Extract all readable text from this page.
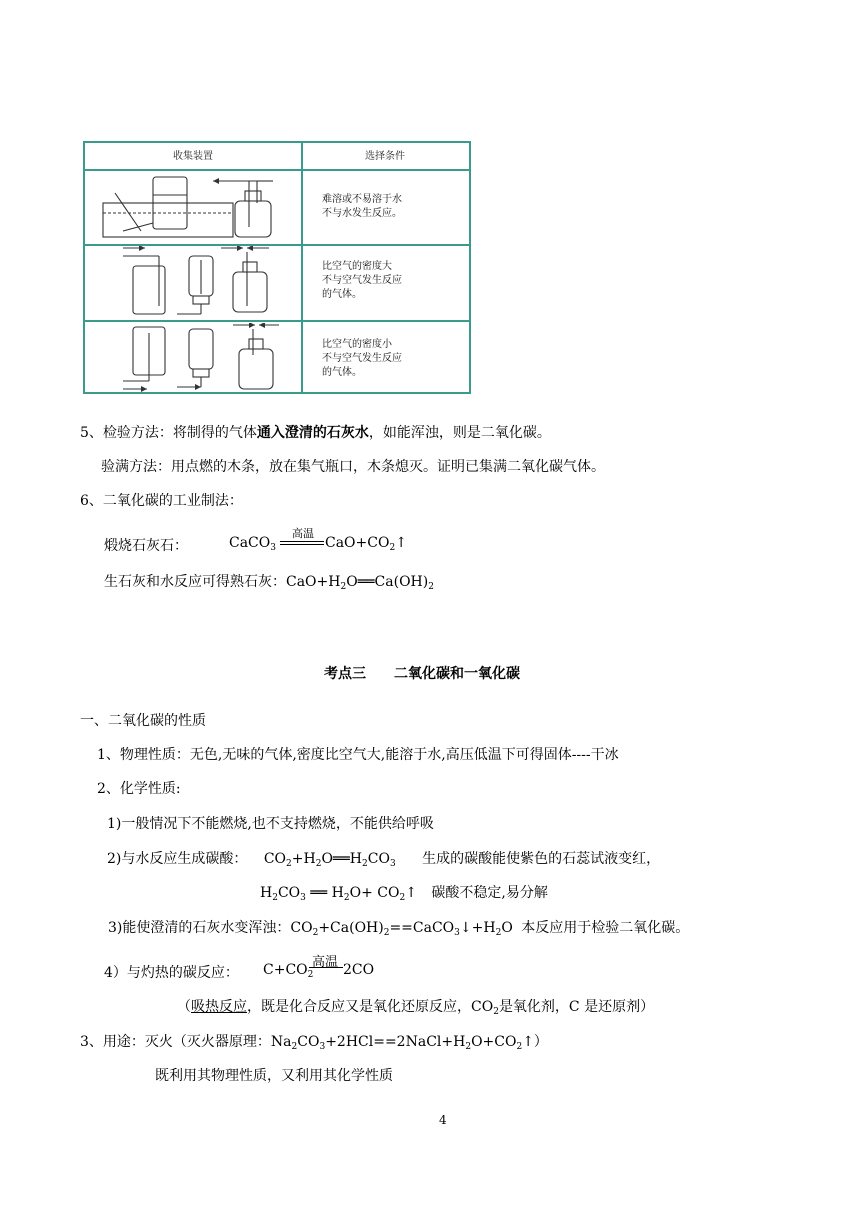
收集装置	选择条件
难溶或不易溶于水
不与水发生反应。
比空气的密度大
不与空气发生反应
的气体。
比空气的密度小
不与空气发生反应
的气体。
5、检验方法：将制得的气体通入澄清的石灰水，如能浑浊，则是二氧化碳。
验满方法：用点燃的木条，放在集气瓶口，木条熄灭。证明已集满二氧化碳气体。
6、二氧化碳的工业制法：
煅烧石灰石：	CaCO$_3$
高温
$CaO+CO_2↑$
生石灰和水反应可得熟石灰：$CaO+H_2O══Ca(OH)_2$
考点三　　二氧化碳和一氧化碳
一、二氧化碳的性质
1、物理性质：无色,无味的气体,密度比空气大,能溶于水,高压低温下可得固体----干冰
2、化学性质:
1)一般情况下不能燃烧,也不支持燃烧，不能供给呼吸
2)与水反应生成碳酸： $CO_2+H_2O══H_2CO_3$ 生成的碳酸能使紫色的石蕊试液变红，
$H_2CO_3$ ══ $H_2O+$ $CO_2↑$ 碳酸不稳定,易分解
3)能使澄清的石灰水变浑浊：$CO_2+Ca(OH)_2==CaCO_3↓+H_2O$ 本反应用于检验二氧化碳。
4）与灼热的碳反应： $C+CO_2$
高温 2CO
（吸热反应，既是化合反应又是氧化还原反应，$CO_2$是氧化剂，C 是还原剂）
3、用途：灭火（灭火器原理：$Na_2CO_3+2HCl==2NaCl+H_2O+CO_2↑$）
既利用其物理性质，又利用其化学性质
4
